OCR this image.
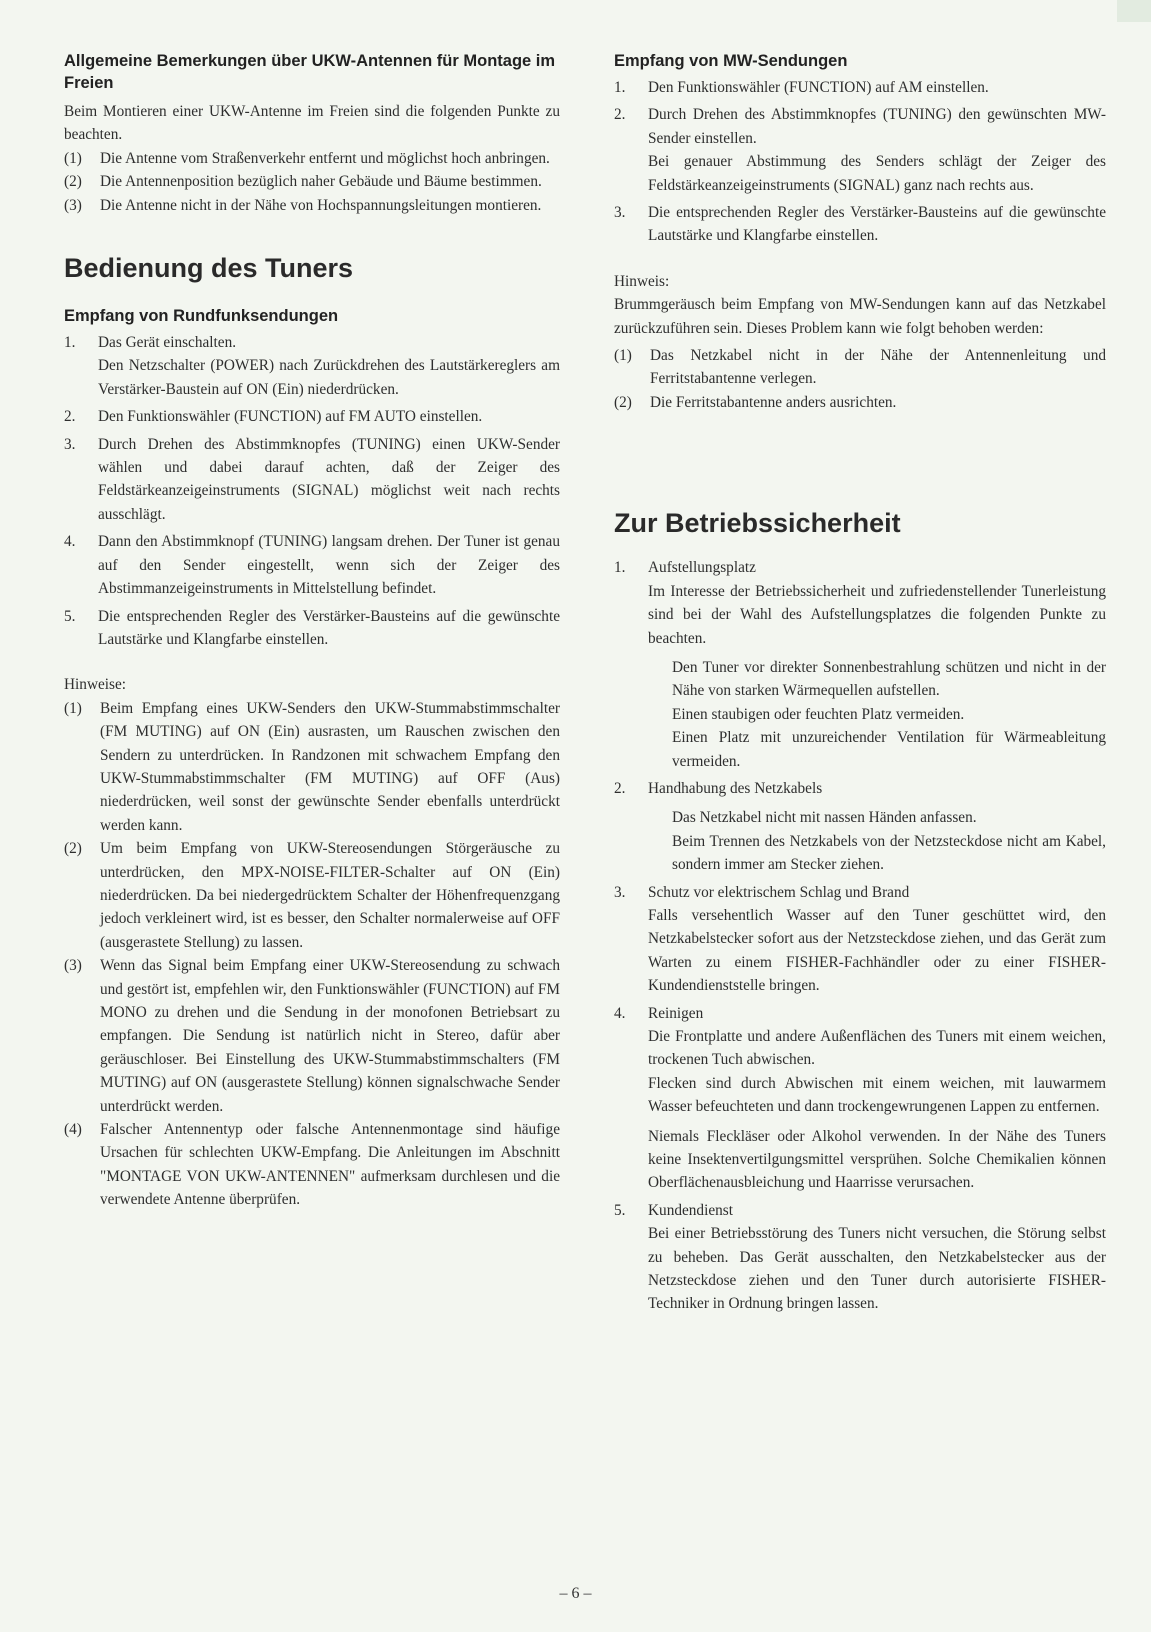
Allgemeine Bemerkungen über UKW-Antennen für Montage im Freien

Beim Montieren einer UKW-Antenne im Freien sind die folgenden Punkte zu beachten.

(1)	Die Antenne vom Straßenverkehr entfernt und möglichst hoch anbringen.
(2)	Die Antennenposition bezüglich naher Gebäude und Bäume bestimmen.
(3)	Die Antenne nicht in der Nähe von Hochspannungsleitungen montieren.
Bedienung des Tuners
Empfang von Rundfunksendungen
1.	Das Gerät einschalten.

Den Netzschalter (POWER) nach Zurückdrehen des Lautstärkereglers am Verstärker-Baustein auf ON (Ein) niederdrücken.

2.	Den Funktionswähler (FUNCTION) auf FM AUTO einstellen.

3.	Durch Drehen des Abstimmknopfes (TUNING) einen UKW-Sender wählen und dabei darauf achten, daß der Zeiger des Feldstärkeanzeigeinstruments (SIGNAL) möglichst weit nach rechts ausschlägt.

4.	Dann den Abstimmknopf (TUNING) langsam drehen. Der Tuner ist genau auf den Sender eingestellt, wenn sich der Zeiger des Abstimmanzeigeinstruments in Mittelstellung befindet.

5.	Die entsprechenden Regler des Verstärker-Bausteins auf die gewünschte Lautstärke und Klangfarbe einstellen.

Hinweise:

(1)	Beim Empfang eines UKW-Senders den UKW-Stummabstimmschalter (FM MUTING) auf ON (Ein) ausrasten, um Rauschen zwischen den Sendern zu unterdrücken. In Randzonen mit schwachem Empfang den UKW-Stummabstimmschalter (FM MUTING) auf OFF (Aus) niederdrücken, weil sonst der gewünschte Sender ebenfalls unterdrückt werden kann.
(2)	Um beim Empfang von UKW-Stereosendungen Störgeräusche zu unterdrücken, den MPX-NOISE-FILTER-Schalter auf ON (Ein) niederdrücken. Da bei niedergedrücktem Schalter der Höhenfrequenzgang jedoch verkleinert wird, ist es besser, den Schalter normalerweise auf OFF (ausgerastete Stellung) zu lassen.
(3)	Wenn das Signal beim Empfang einer UKW-Stereosendung zu schwach und gestört ist, empfehlen wir, den Funktionswähler (FUNCTION) auf FM MONO zu drehen und die Sendung in der monofonen Betriebsart zu empfangen. Die Sendung ist natürlich nicht in Stereo, dafür aber geräuschloser. Bei Einstellung des UKW-Stummabstimmschalters (FM MUTING) auf ON (ausgerastete Stellung) können signalschwache Sender unterdrückt werden.
(4)	Falscher Antennentyp oder falsche Antennenmontage sind häufige Ursachen für schlechten UKW-Empfang. Die Anleitungen im Abschnitt "MONTAGE VON UKW-ANTENNEN" aufmerksam durchlesen und die verwendete Antenne überprüfen.
Empfang von MW-Sendungen
1.	Den Funktionswähler (FUNCTION) auf AM einstellen.

2.	Durch Drehen des Abstimmknopfes (TUNING) den gewünschten MW-Sender einstellen.

Bei genauer Abstimmung des Senders schlägt der Zeiger des Feldstärkeanzeigeinstruments (SIGNAL) ganz nach rechts aus.

3.	Die entsprechenden Regler des Verstärker-Bausteins auf die gewünschte Lautstärke und Klangfarbe einstellen.

Hinweis:

Brummgeräusch beim Empfang von MW-Sendungen kann auf das Netzkabel zurückzuführen sein. Dieses Problem kann wie folgt behoben werden:

(1)	Das Netzkabel nicht in der Nähe der Antennenleitung und Ferritstabantenne verlegen.
(2)	Die Ferritstabantenne anders ausrichten.
Zur Betriebssicherheit
1.	Aufstellungsplatz

Im Interesse der Betriebssicherheit und zufriedenstellender Tunerleistung sind bei der Wahl des Aufstellungsplatzes die folgenden Punkte zu beachten.

Den Tuner vor direkter Sonnenbestrahlung schützen und nicht in der Nähe von starken Wärmequellen aufstellen.

Einen staubigen oder feuchten Platz vermeiden.

Einen Platz mit unzureichender Ventilation für Wärmeableitung vermeiden.

2.	Handhabung des Netzkabels

Das Netzkabel nicht mit nassen Händen anfassen.

Beim Trennen des Netzkabels von der Netzsteckdose nicht am Kabel, sondern immer am Stecker ziehen.

3.	Schutz vor elektrischem Schlag und Brand

Falls versehentlich Wasser auf den Tuner geschüttet wird, den Netzkabelstecker sofort aus der Netzsteckdose ziehen, und das Gerät zum Warten zu einem FISHER-Fachhändler oder zu einer FISHER-Kundendienststelle bringen.

4.	Reinigen

Die Frontplatte und andere Außenflächen des Tuners mit einem weichen, trockenen Tuch abwischen.

Flecken sind durch Abwischen mit einem weichen, mit lauwarmem Wasser befeuchteten und dann trockengewrungenen Lappen zu entfernen.

Niemals Fleckläser oder Alkohol verwenden. In der Nähe des Tuners keine Insektenvertilgungsmittel versprühen. Solche Chemikalien können Oberflächenausbleichung und Haarrisse verursachen.

5.	Kundendienst

Bei einer Betriebsstörung des Tuners nicht versuchen, die Störung selbst zu beheben. Das Gerät ausschalten, den Netzkabelstecker aus der Netzsteckdose ziehen und den Tuner durch autorisierte FISHER-Techniker in Ordnung bringen lassen.

– 6 –
